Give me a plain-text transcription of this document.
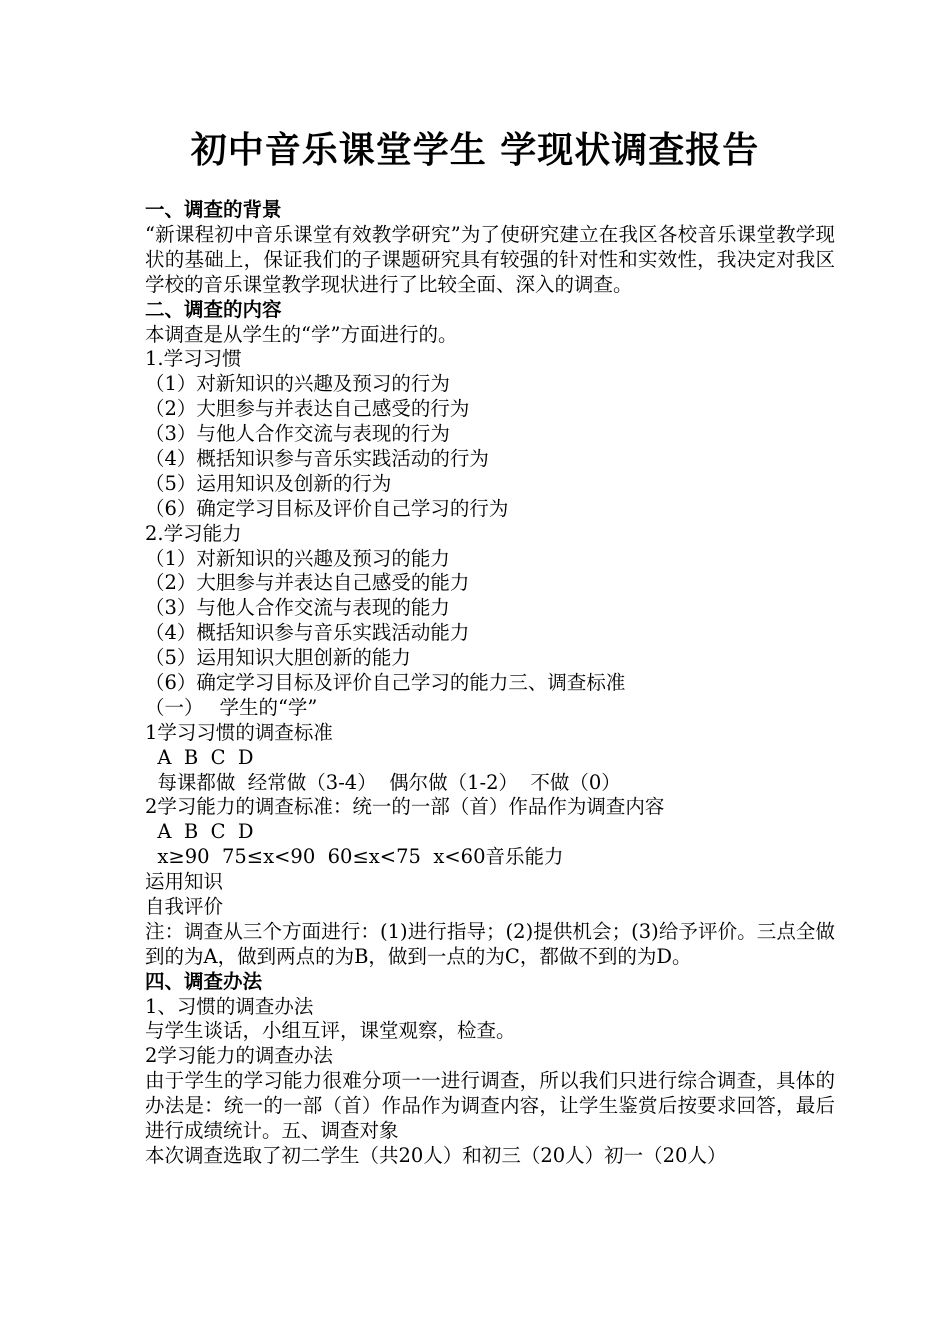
初中音乐课堂学生 学现状调查报告
一、调查的背景
“新课程初中音乐课堂有效教学研究”为了使研究建立在我区各校音乐课堂教学现状的基础上，保证我们的子课题研究具有较强的针对性和实效性，我决定对我区学校的音乐课堂教学现状进行了比较全面、深入的调查。
二、调查的内容
本调查是从学生的“学”方面进行的。
1.学习习惯
（1）对新知识的兴趣及预习的行为
（2）大胆参与并表达自己感受的行为
（3）与他人合作交流与表现的行为
（4）概括知识参与音乐实践活动的行为
（5）运用知识及创新的行为
（6）确定学习目标及评价自己学习的行为
2.学习能力
（1）对新知识的兴趣及预习的能力
（2）大胆参与并表达自己感受的能力
（3）与他人合作交流与表现的能力
（4）概括知识参与音乐实践活动能力
（5）运用知识大胆创新的能力
（6）确定学习目标及评价自己学习的能力三、调查标准
（一）　 学生的“学”
1学习习惯的调查标准
A  B  C  D
每课都做  经常做（3-4）  偶尔做（1-2）  不做（0）
2学习能力的调查标准：统一的一部（首）作品作为调查内容
A  B  C  D
x≥90  75≤x<90  60≤x<75  x<60音乐能力
运用知识
自我评价
注：调查从三个方面进行：(1)进行指导；(2)提供机会；(3)给予评价。三点全做到的为A，做到两点的为B，做到一点的为C，都做不到的为D。
四、调查办法
1、习惯的调查办法
与学生谈话，小组互评，课堂观察，检查。
2学习能力的调查办法
由于学生的学习能力很难分项一一进行调查，所以我们只进行综合调查，具体的办法是：统一的一部（首）作品作为调查内容，让学生鉴赏后按要求回答，最后进行成绩统计。五、调查对象
本次调查选取了初二学生（共20人）和初三（20人）初一（20人）
